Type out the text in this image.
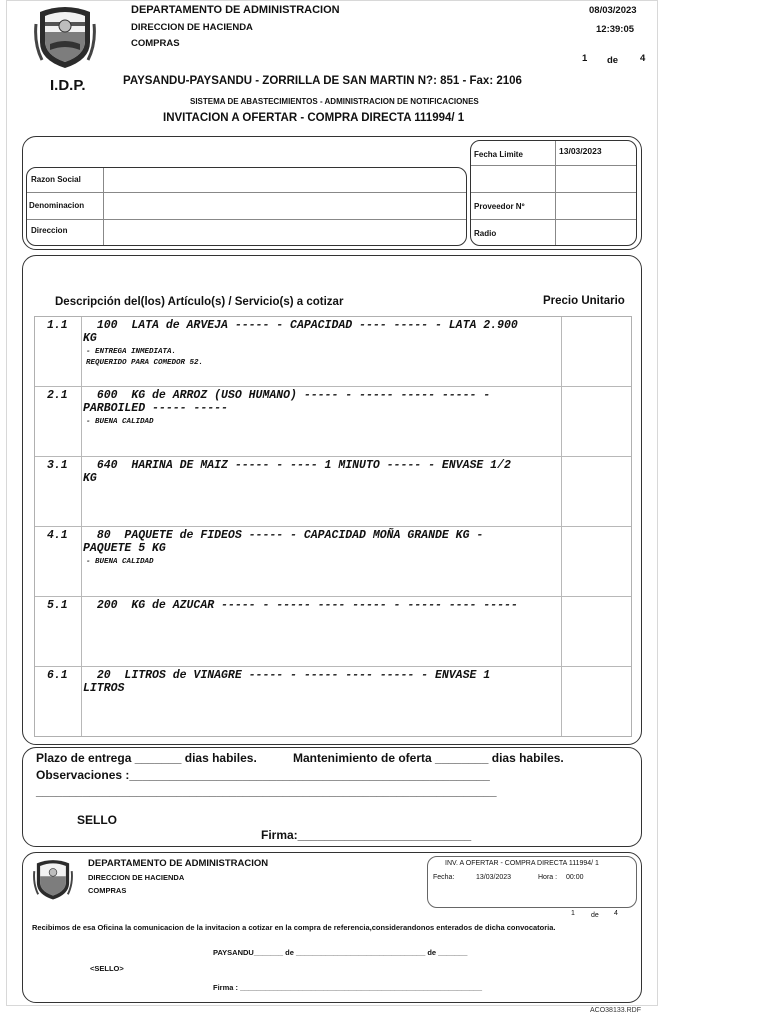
DEPARTAMENTO DE ADMINISTRACION
DIRECCION DE HACIENDA
COMPRAS
08/03/2023
12:39:05
1 de 4
I.D.P.	PAYSANDU-PAYSANDU - ZORRILLA DE SAN MARTIN N?: 851 - Fax: 2106
SISTEMA DE ABASTECIMIENTOS - ADMINISTRACION DE NOTIFICACIONES
INVITACION A OFERTAR - COMPRA DIRECTA 111994/ 1
Fecha Limite	13/03/2023
Razon Social
Denominacion
Direccion
Proveedor Nº
Radio
Descripción del(los) Artículo(s) / Servicio(s) a cotizar	Precio Unitario
1.1	100  LATA de ARVEJA ----- - CAPACIDAD ---- ----- - LATA 2.900
KG
- ENTREGA INMEDIATA.
REQUERIDO PARA COMEDOR 52.
2.1	600  KG de ARROZ (USO HUMANO) ----- - ----- ----- ----- -
PARBOILED ----- -----
- BUENA CALIDAD
3.1	640  HARINA DE MAIZ ----- - ---- 1 MINUTO ----- - ENVASE 1/2
KG
4.1	80  PAQUETE de FIDEOS ----- - CAPACIDAD MOÑA GRANDE KG -
PAQUETE 5 KG
- BUENA CALIDAD
5.1 200  KG de AZUCAR ----- - ----- ---- ----- - ----- ---- -----
6.1	20  LITROS de VINAGRE ----- - ----- ---- ----- - ENVASE 1
LITROS
Plazo de entrega _______ dias habiles.	Mantenimiento de oferta ________ dias habiles.
Observaciones :______________________________________________________
_____________________________________________________________________
SELLO
Firma:__________________________
DEPARTAMENTO DE ADMINISTRACION
DIRECCION DE HACIENDA
COMPRAS
INV. A OFERTAR - COMPRA DIRECTA 111994/ 1
Fecha:	13/03/2023	Hora : 00:00
1 de 4
Recibimos de esa Oficina la comunicacion de la invitacion a cotizar en la compra de referencia,considerandonos enterados de dicha convocatoria.
PAYSANDU_______ de _______________________________ de _______
<SELLO>
Firma : __________________________________________________________
ACO38133.RDF
